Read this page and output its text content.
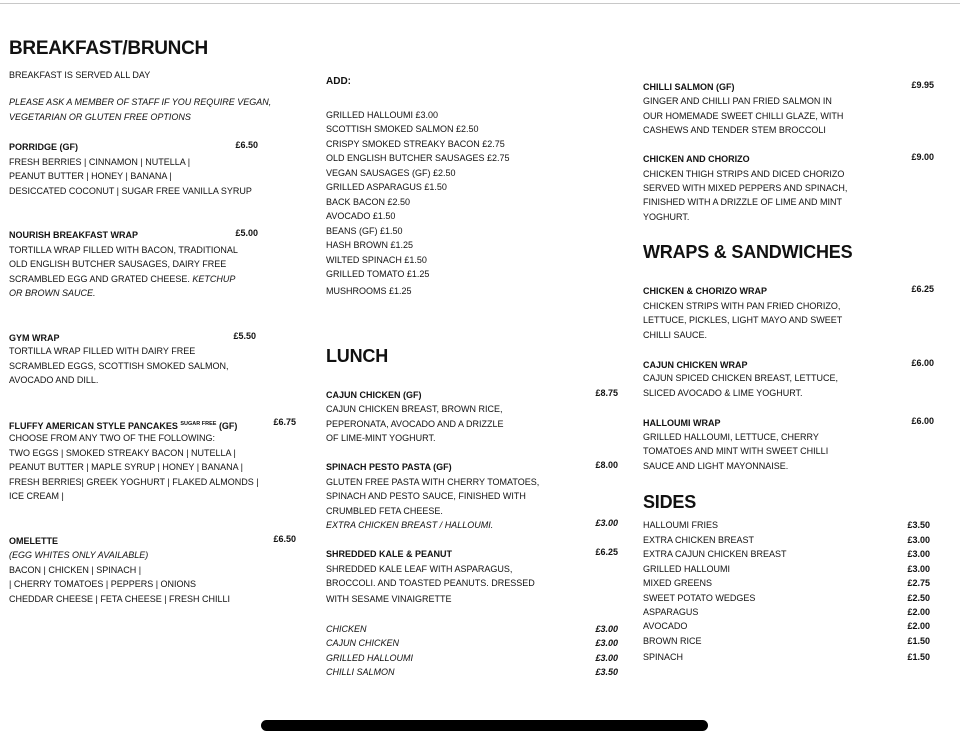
BREAKFAST/BRUNCH
BREAKFAST IS SERVED ALL DAY
PLEASE ASK A MEMBER OF STAFF IF YOU REQUIRE VEGAN,
VEGETARIAN OR GLUTEN FREE OPTIONS
PORRIDGE (GF)	£6.50
FRESH BERRIES | CINNAMON | NUTELLA |
PEANUT BUTTER | HONEY | BANANA |
DESICCATED COCONUT | SUGAR FREE VANILLA SYRUP
NOURISH BREAKFAST WRAP	£5.00
TORTILLA WRAP FILLED WITH BACON, TRADITIONAL
OLD ENGLISH BUTCHER SAUSAGES, DAIRY FREE
SCRAMBLED EGG AND GRATED CHEESE. KETCHUP
OR BROWN SAUCE.
GYM WRAP	£5.50
TORTILLA WRAP FILLED WITH DAIRY FREE
SCRAMBLED EGGS, SCOTTISH SMOKED SALMON,
AVOCADO AND DILL.
FLUFFY AMERICAN STYLE PANCAKES $^{SUGAR FREE}$ (GF)	£6.75
CHOOSE FROM ANY TWO OF THE FOLLOWING:
TWO EGGS | SMOKED STREAKY BACON | NUTELLA |
PEANUT BUTTER | MAPLE SYRUP | HONEY | BANANA |
FRESH BERRIES| GREEK YOGHURT | FLAKED ALMONDS |
ICE CREAM |
OMELETTE	£6.50
(EGG WHITES ONLY AVAILABLE)
BACON | CHICKEN | SPINACH |
| CHERRY TOMATOES | PEPPERS | ONIONS
CHEDDAR CHEESE | FETA CHEESE | FRESH CHILLI
ADD:
GRILLED HALLOUMI £3.00
SCOTTISH SMOKED SALMON £2.50
CRISPY SMOKED STREAKY BACON £2.75
OLD ENGLISH BUTCHER SAUSAGES £2.75
VEGAN SAUSAGES (GF) £2.50
GRILLED ASPARAGUS £1.50
BACK BACON £2.50
AVOCADO £1.50
BEANS (GF) £1.50
HASH BROWN £1.25
WILTED SPINACH £1.50
GRILLED TOMATO £1.25
MUSHROOMS £1.25
LUNCH
CAJUN CHICKEN (GF)	£8.75
CAJUN CHICKEN BREAST, BROWN RICE,
PEPERONATA, AVOCADO AND A DRIZZLE
OF LIME-MINT YOGHURT.
SPINACH PESTO PASTA (GF)	£8.00
GLUTEN FREE PASTA WITH CHERRY TOMATOES,
SPINACH AND PESTO SAUCE, FINISHED WITH
CRUMBLED FETA CHEESE.
EXTRA CHICKEN BREAST / HALLOUMI.	£3.00
SHREDDED KALE & PEANUT	£6.25
SHREDDED KALE LEAF WITH ASPARAGUS,
BROCCOLI. AND TOASTED PEANUTS. DRESSED
WITH SESAME VINAIGRETTE
CHICKEN	£3.00
CAJUN CHICKEN	£3.00
GRILLED HALLOUMI	£3.00
CHILLI SALMON	£3.50
CHILLI SALMON (GF)	£9.95
GINGER AND CHILLI PAN FRIED SALMON IN
OUR HOMEMADE SWEET CHILLI GLAZE, WITH
CASHEWS AND TENDER STEM BROCCOLI
CHICKEN AND CHORIZO	£9.00
CHICKEN THIGH STRIPS AND DICED CHORIZO
SERVED WITH MIXED PEPPERS AND SPINACH,
FINISHED WITH A DRIZZLE OF LIME AND MINT
YOGHURT.
WRAPS & SANDWICHES
CHICKEN & CHORIZO WRAP	£6.25
CHICKEN STRIPS WITH PAN FRIED CHORIZO,
LETTUCE, PICKLES, LIGHT MAYO AND SWEET
CHILLI SAUCE.
CAJUN CHICKEN WRAP	£6.00
CAJUN SPICED CHICKEN BREAST, LETTUCE,
SLICED AVOCADO & LIME YOGHURT.
HALLOUMI WRAP	£6.00
GRILLED HALLOUMI, LETTUCE, CHERRY
TOMATOES AND MINT WITH SWEET CHILLI
SAUCE AND LIGHT MAYONNAISE.
SIDES
HALLOUMI FRIES	£3.50
EXTRA CHICKEN BREAST	£3.00
EXTRA CAJUN CHICKEN BREAST	£3.00
GRILLED HALLOUMI	£3.00
MIXED GREENS	£2.75
SWEET POTATO WEDGES	£2.50
ASPARAGUS	£2.00
AVOCADO	£2.00
BROWN RICE	£1.50
SPINACH	£1.50
